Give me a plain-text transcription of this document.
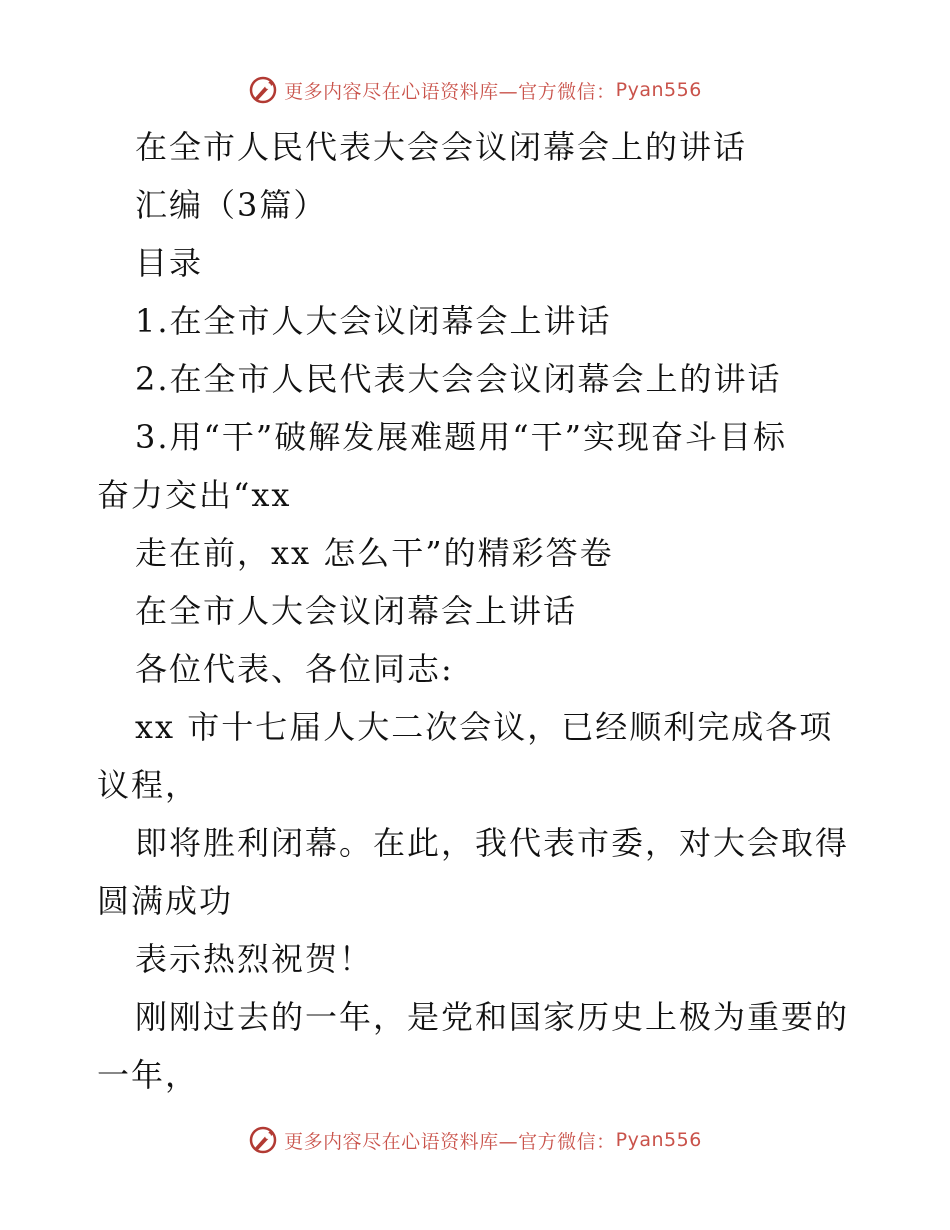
更多内容尽在心语资料库—官方微信： Pyan556
在全市人民代表大会会议闭幕会上的讲话
汇编（3篇）
目录
1.在全市人大会议闭幕会上讲话
2.在全市人民代表大会会议闭幕会上的讲话
3.用“干”破解发展难题用“干”实现奋斗目标
奋力交出“xx
走在前，xx 怎么干”的精彩答卷
在全市人大会议闭幕会上讲话
各位代表、各位同志:
xx 市十七届人大二次会议，已经顺利完成各项
议程，
即将胜利闭幕。在此，我代表市委，对大会取得
圆满成功
表示热烈祝贺！
刚刚过去的一年，是党和国家历史上极为重要的
一年，
更多内容尽在心语资料库—官方微信： Pyan556
